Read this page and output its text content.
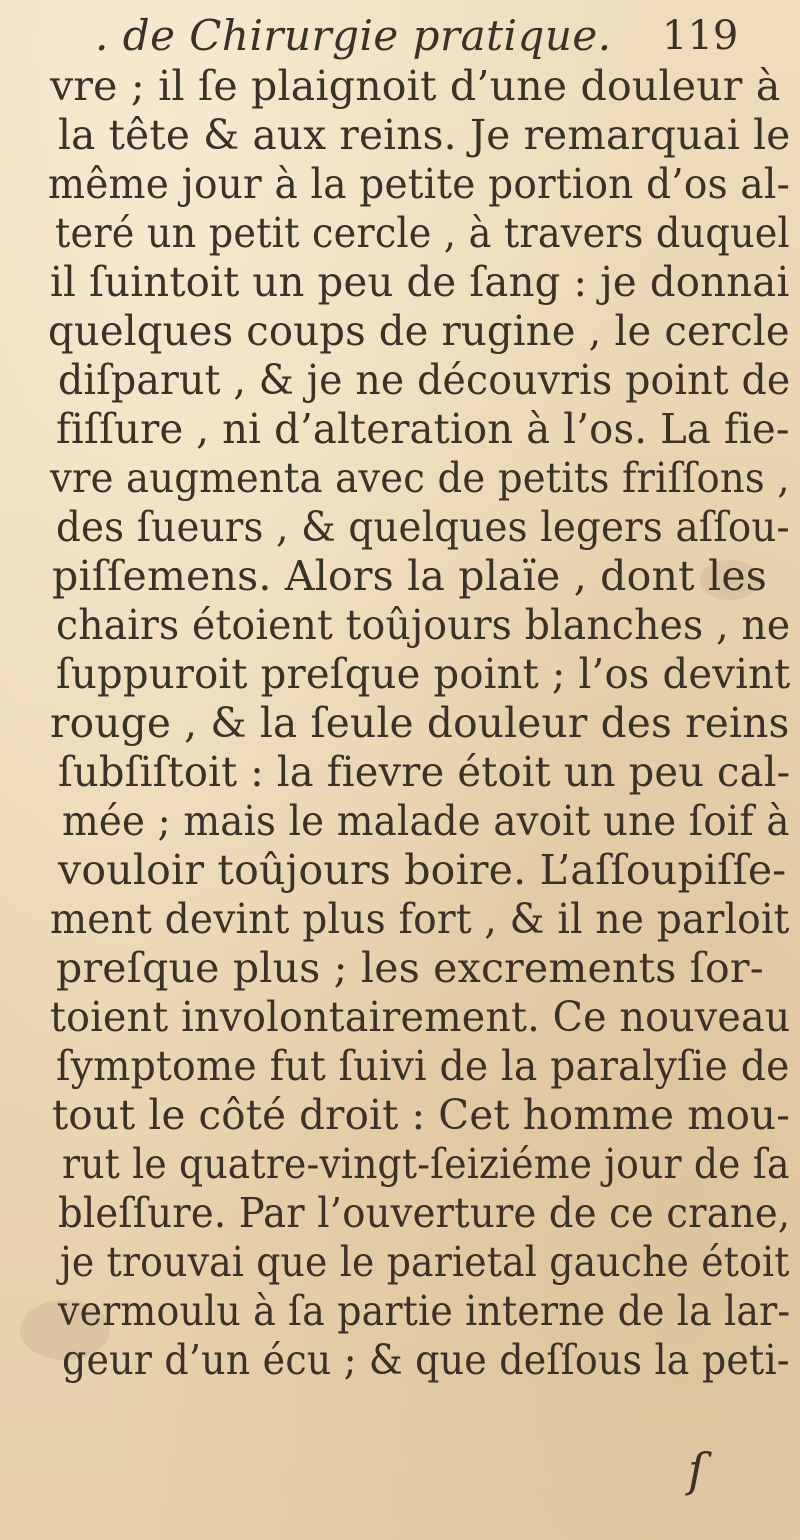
. de Chirurgie pratique. 119
vre ; il ſe plaignoit d’une douleur à
la tête & aux reins. Je remarquai le
même jour à la petite portion d’os al-
teré un petit cercle , à travers duquel
il ſuintoit un peu de ſang : je donnai
quelques coups de rugine , le cercle
diſparut , & je ne découvris point de
fiſſure , ni d’alteration à l’os. La fie-
vre augmenta avec de petits friſſons ,
des ſueurs , & quelques legers aſſou-
piſſemens. Alors la plaïe , dont les
chairs étoient toûjours blanches , ne
ſuppuroit preſque point ; l’os devint
rouge , & la ſeule douleur des reins
ſubſiſtoit : la fievre étoit un peu cal-
mée ; mais le malade avoit une ſoif à
vouloir toûjours boire. L’aſſoupiſſe-
ment devint plus fort , & il ne parloit
preſque plus ; les excrements ſor-
toient involontairement. Ce nouveau
ſymptome fut ſuivi de la paralyſie de
tout le côté droit : Cet homme mou-
rut le quatre-vingt-ſeiziéme jour de ſa
bleſſure. Par l’ouverture de ce crane,
je trouvai que le parietal gauche étoit
vermoulu à ſa partie interne de la lar-
geur d’un écu ; & que deſſous la peti-
ſ
